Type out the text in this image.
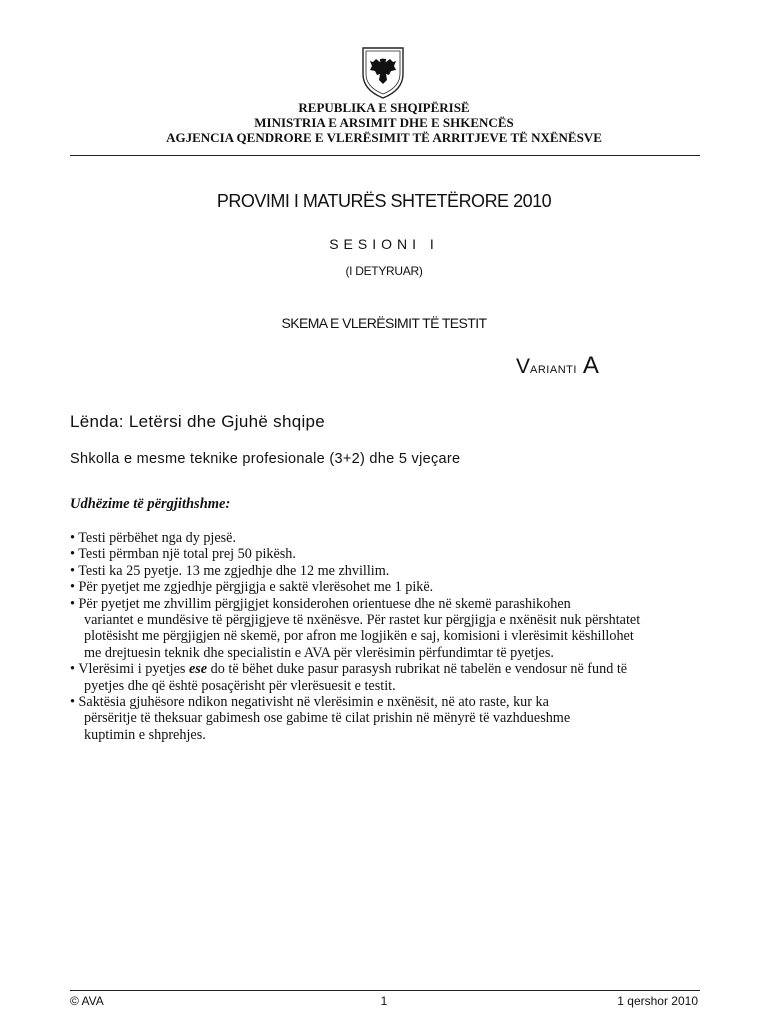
REPUBLIKA E SHQIPËRISË
MINISTRIA E ARSIMIT DHE E SHKENCËS
AGJENCIA QENDRORE E VLERËSIMIT TË ARRITJEVE TË NXËNËSVE
PROVIMI I MATURËS SHTETËRORE 2010
SESIONI I
(I DETYRUAR)
SKEMA E VLERËSIMIT TË TESTIT
VARIANTI A
Lënda: Letërsi dhe Gjuhë shqipe
Shkolla e mesme teknike profesionale (3+2) dhe 5 vjeçare
Udhëzime të përgjithshme:
• Testi përbëhet nga dy pjesë.
• Testi përmban një total prej 50 pikësh.
• Testi ka 25 pyetje. 13 me zgjedhje dhe 12 me zhvillim.
• Për pyetjet me zgjedhje përgjigja e saktë vlerësohet me 1 pikë.
• Për pyetjet me zhvillim përgjigjet konsiderohen orientuese dhe në skemë parashikohen
variantet e mundësive të përgjigjeve të nxënësve. Për rastet kur përgjigja e nxënësit nuk përshtatet
plotësisht me përgjigjen në skemë, por afron me logjikën e saj, komisioni i vlerësimit këshillohet
me drejtuesin teknik dhe specialistin e AVA për vlerësimin përfundimtar të pyetjes.
• Vlerësimi i pyetjes ese do të bëhet duke pasur parasysh rubrikat në tabelën e vendosur në fund të
pyetjes dhe që është posaçërisht për vlerësuesit e testit.
• Saktësia gjuhësore ndikon negativisht në vlerësimin e nxënësit, në ato raste, kur ka
përsëritje të theksuar gabimesh ose gabime të cilat prishin në mënyrë të vazhdueshme
kuptimin e shprehjes.
© AVA	1	1 qershor 2010
